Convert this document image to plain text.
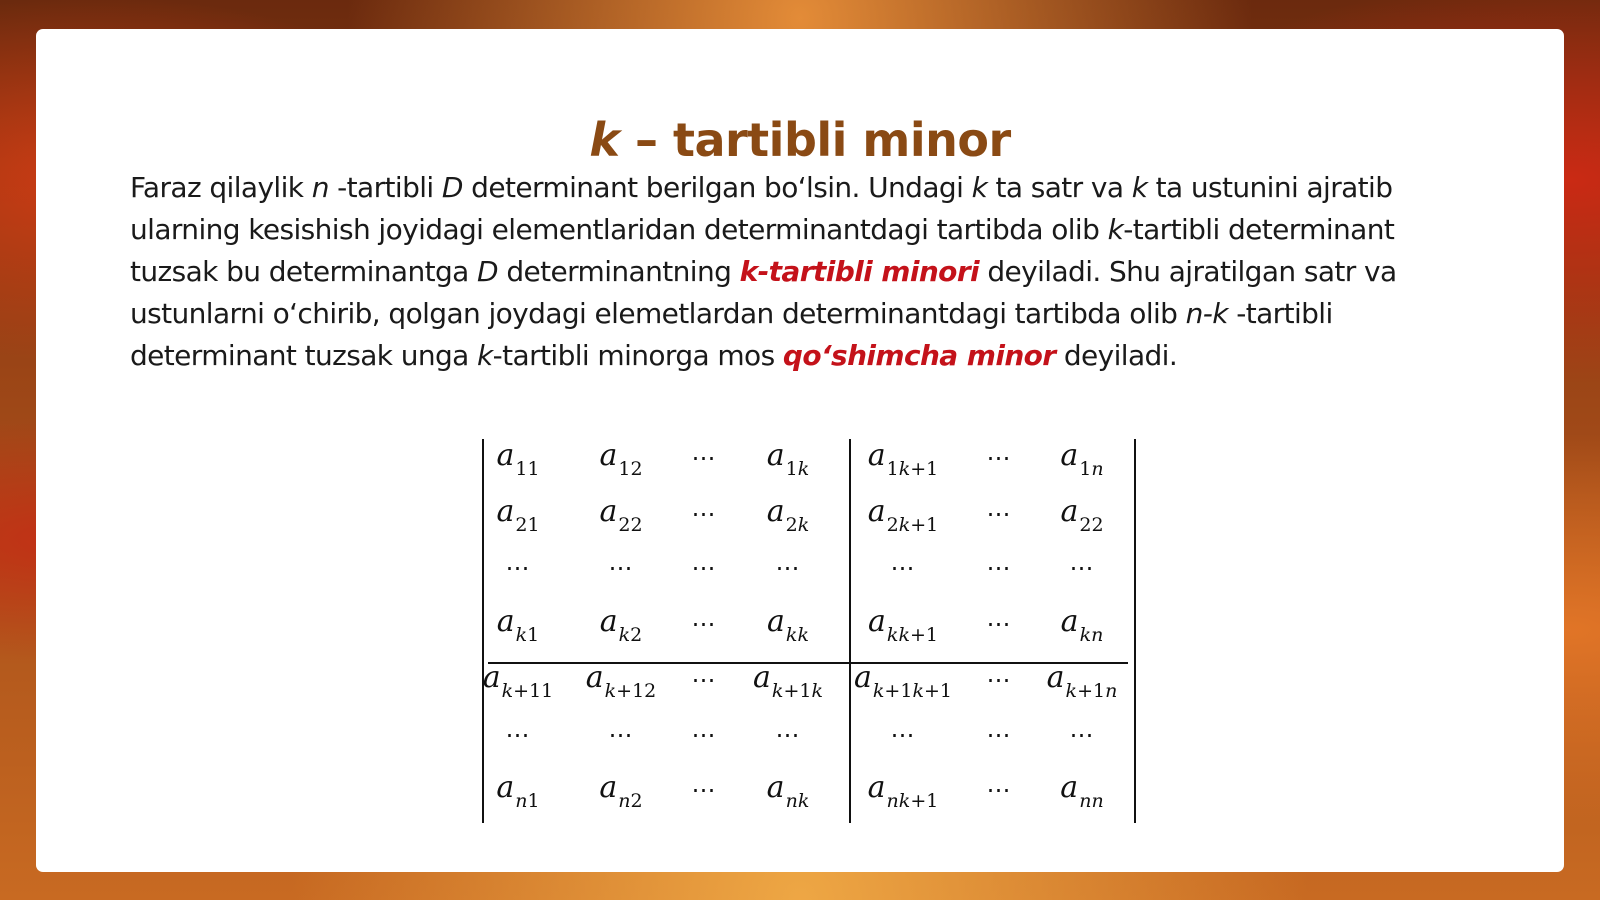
k – tartibli minor
Faraz qilaylik n -tartibli D determinant berilgan bo‘lsin. Undagi k ta satr va k ta ustunini ajratib
ularning kesishish joyidagi elementlaridan determinantdagi tartibda olib k-tartibli determinant
tuzsak bu determinantga D determinantning k-tartibli minori deyiladi. Shu ajratilgan satr va
ustunlarni o‘chirib, qolgan joydagi elemetlardan determinantdagi tartibda olib n-k -tartibli
determinant tuzsak unga k-tartibli minorga mos qo‘shimcha minor deyiladi.
$a_{11}$ $a_{12}$ ⋯ $a_{1k}$ $a_{1k+1}$ ⋯ $a_{1n}$
$a_{21}$ $a_{22}$ ⋯ $a_{2k}$ $a_{2k+1}$ ⋯ $a_{22}$
⋯	⋯ ⋯ ⋯	⋯	⋯ ⋯
$a_{k1}$ $a_{k2}$ ⋯ $a_{kk}$ $a_{kk+1}$ ⋯ $a_{kn}$
$a_{k+11}$ $a_{k+12}$ ⋯ $a_{k+1k}$ $a_{k+1k+1}$ ⋯ $a_{k+1n}$
⋯	⋯ ⋯ ⋯	⋯	⋯ ⋯
$a_{n1}$ $a_{n2}$ ⋯ $a_{nk}$ $a_{nk+1}$ ⋯ $a_{nn}$
